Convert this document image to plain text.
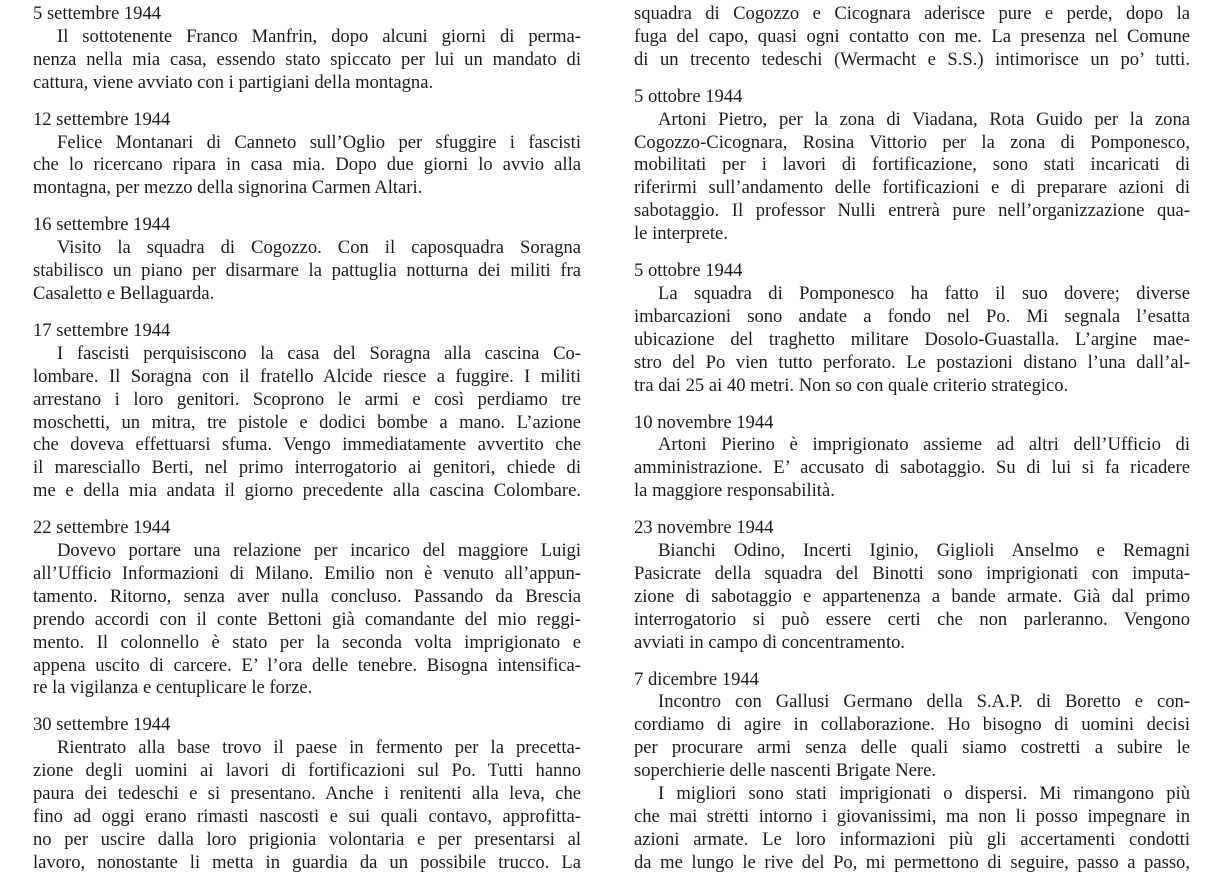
5 settembre 1944

Il sottotenente Franco Manfrin, dopo alcuni giorni di perma-
nenza nella mia casa, essendo stato spiccato per lui un mandato di
cattura, viene avviato con i partigiani della montagna.

12 settembre 1944

Felice Montanari di Canneto sull’Oglio per sfuggire i fascisti
che lo ricercano ripara in casa mia. Dopo due giorni lo avvio alla
montagna, per mezzo della signorina Carmen Altari.

16 settembre 1944

Visito la squadra di Cogozzo. Con il caposquadra Soragna
stabilisco un piano per disarmare la pattuglia notturna dei militi fra
Casaletto e Bellaguarda.

17 settembre 1944

I fascisti perquisiscono la casa del Soragna alla cascina Co-
lombare. Il Soragna con il fratello Alcide riesce a fuggire. I militi
arrestano i loro genitori. Scoprono le armi e così perdiamo tre
moschetti, un mitra, tre pistole e dodici bombe a mano. L’azione
che doveva effettuarsi sfuma. Vengo immediatamente avvertito che
il maresciallo Berti, nel primo interrogatorio ai genitori, chiede di
me e della mia andata il giorno precedente alla cascina Colombare.

22 settembre 1944

Dovevo portare una relazione per incarico del maggiore Luigi
all’Ufficio Informazioni di Milano. Emilio non è venuto all’appun-
tamento. Ritorno, senza aver nulla concluso. Passando da Brescia
prendo accordi con il conte Bettoni già comandante del mio reggi-
mento. Il colonnello è stato per la seconda volta imprigionato e
appena uscito di carcere. E’ l’ora delle tenebre. Bisogna intensifica-
re la vigilanza e centuplicare le forze.

30 settembre 1944

Rientrato alla base trovo il paese in fermento per la precetta-
zione degli uomini ai lavori di fortificazioni sul Po. Tutti hanno
paura dei tedeschi e si presentano. Anche i renitenti alla leva, che
fino ad oggi erano rimasti nascosti e sui quali contavo, approfitta-
no per uscire dalla loro prigionia volontaria e per presentarsi al
lavoro, nonostante li metta in guardia da un possibile trucco. La

squadra di Cogozzo e Cicognara aderisce pure e perde, dopo la
fuga del capo, quasi ogni contatto con me. La presenza nel Comune
di un trecento tedeschi (Wermacht e S.S.) intimorisce un po’ tutti.

5 ottobre 1944

Artoni Pietro, per la zona di Viadana, Rota Guido per la zona
Cogozzo-Cicognara, Rosina Vittorio per la zona di Pomponesco,
mobilitati per i lavori di fortificazione, sono stati incaricati di
riferirmi sull’andamento delle fortificazioni e di preparare azioni di
sabotaggio. Il professor Nulli entrerà pure nell’organizzazione qua-
le interprete.

5 ottobre 1944

La squadra di Pomponesco ha fatto il suo dovere; diverse
imbarcazioni sono andate a fondo nel Po. Mi segnala l’esatta
ubicazione del traghetto militare Dosolo-Guastalla. L’argine mae-
stro del Po vien tutto perforato. Le postazioni distano l’una dall’al-
tra dai 25 ai 40 metri. Non so con quale criterio strategico.

10 novembre 1944

Artoni Pierino è imprigionato assieme ad altri dell’Ufficio di
amministrazione. E’ accusato di sabotaggio. Su di lui si fa ricadere
la maggiore responsabilità.

23 novembre 1944

Bianchi Odino, Incerti Iginio, Giglioli Anselmo e Remagni
Pasicrate della squadra del Binotti sono imprigionati con imputa-
zione di sabotaggio e appartenenza a bande armate. Già dal primo
interrogatorio si può essere certi che non parleranno. Vengono
avviati in campo di concentramento.

7 dicembre 1944

Incontro con Gallusi Germano della S.A.P. di Boretto e con-
cordiamo di agire in collaborazione. Ho bisogno di uomini decisi
per procurare armi senza delle quali siamo costretti a subire le
soperchierie delle nascenti Brigate Nere.

I migliori sono stati imprigionati o dispersi. Mi rimangono più
che mai stretti intorno i giovanissimi, ma non li posso impegnare in
azioni armate. Le loro informazioni più gli accertamenti condotti
da me lungo le rive del Po, mi permettono di seguire, passo a passo,
